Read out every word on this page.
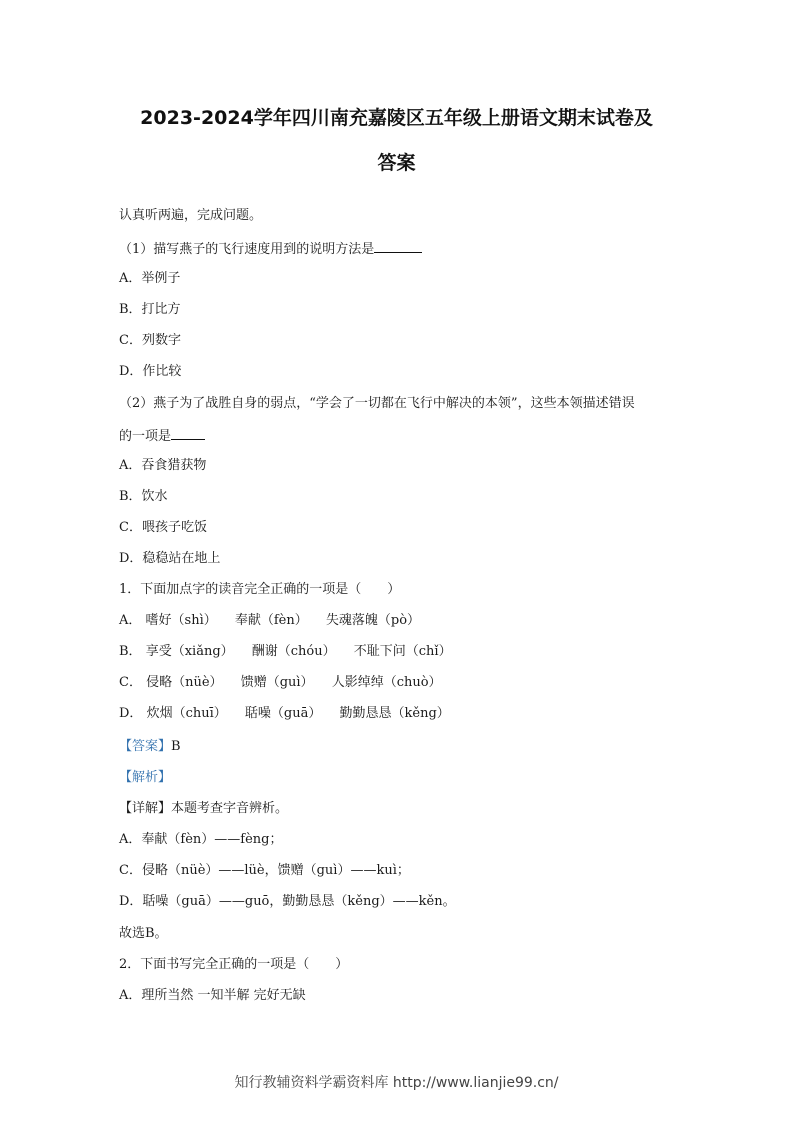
2023-2024学年四川南充嘉陵区五年级上册语文期末试卷及
答案
认真听两遍，完成问题。
（1）描写燕子的飞行速度用到的说明方法是
A．举例子
B．打比方
C．列数字
D．作比较
（2）燕子为了战胜自身的弱点，“学会了一切都在飞行中解决的本领”，这些本领描述错误
的一项是
A．吞食猎获物
B．饮水
C．喂孩子吃饭
D．稳稳站在地上
1．下面加点字的读音完全正确的一项是（　　）
A． 嗜好（shì） 奉献（fèn） 失魂落魄（pò）
B． 享受（xiǎng） 酬谢（chóu） 不耻下问（chǐ）
C． 侵略（nüè） 馈赠（guì） 人影绰绰（chuò）
D． 炊烟（chuī） 聒噪（guā） 勤勤恳恳（kěng）
【答案】B
【解析】
【详解】本题考查字音辨析。
A．奉献（fèn）——fèng；
C．侵略（nüè）——lüè，馈赠（guì）——kuì；
D．聒噪（guā）——guō，勤勤恳恳（kěng）——kěn。
故选B。
2．下面书写完全正确的一项是（　　）
A．理所当然 一知半解 完好无缺
知行教辅资料学霸资料库 http://www.lianjie99.cn/
